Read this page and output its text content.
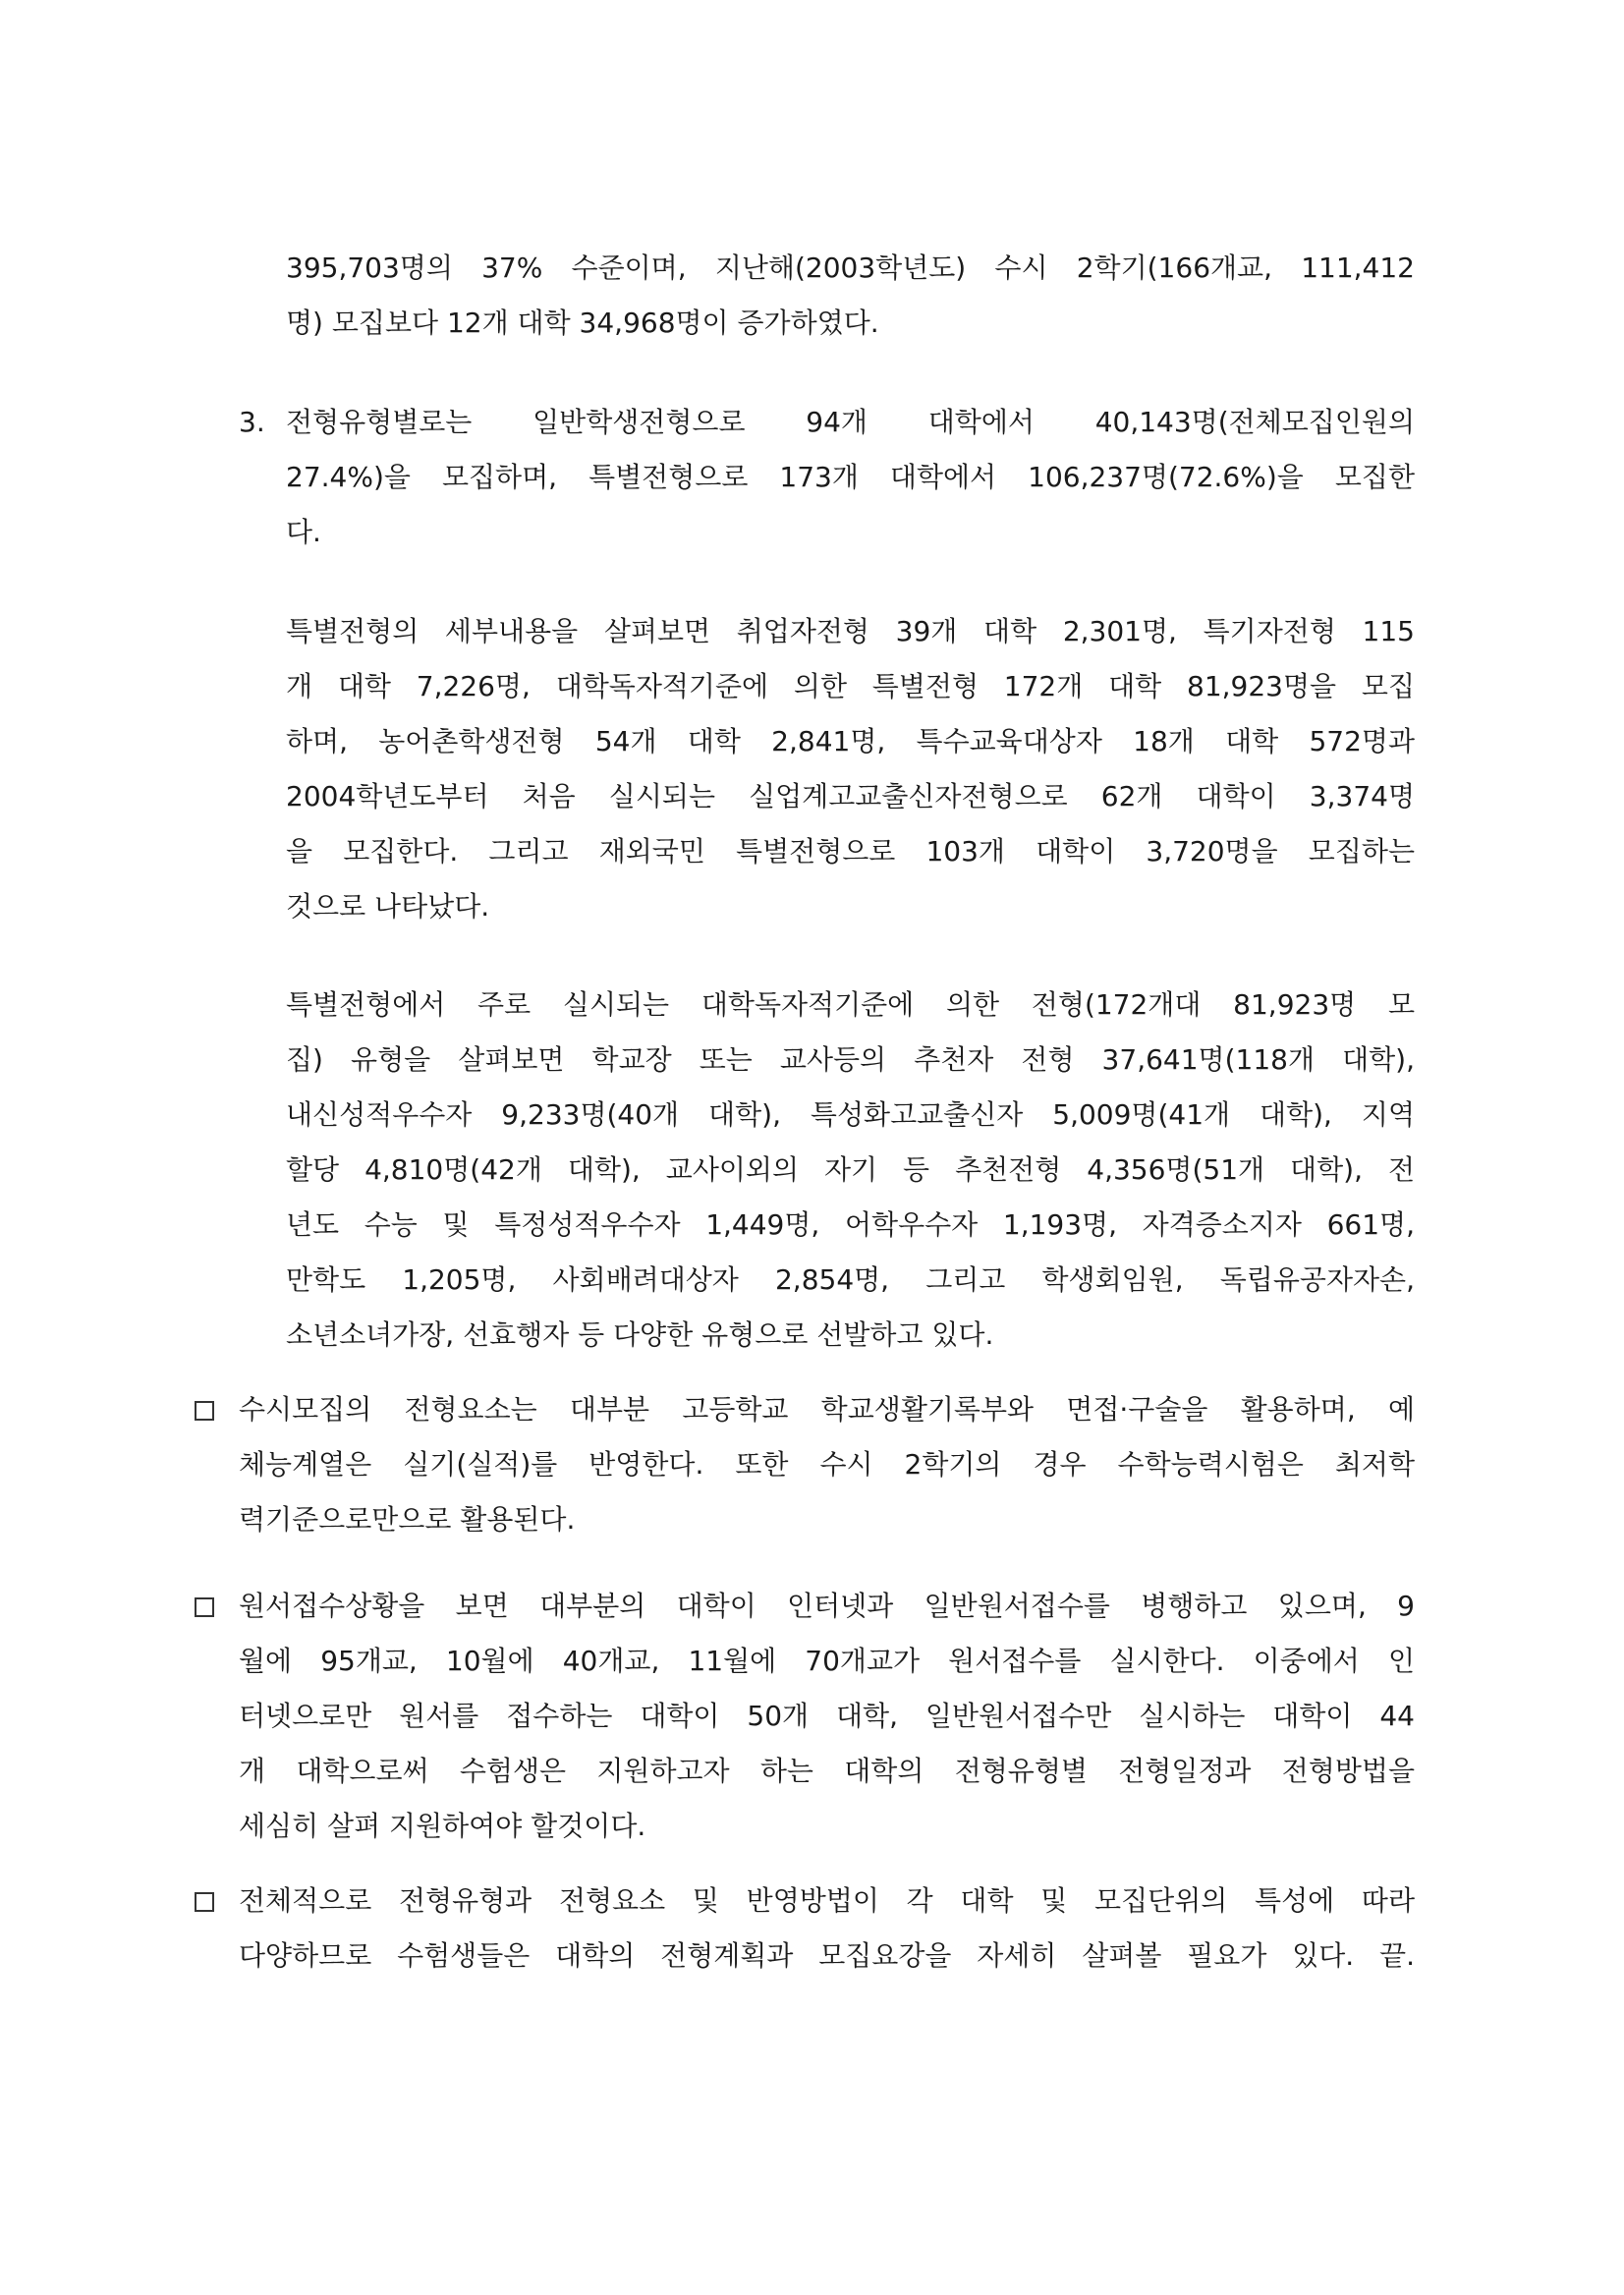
395,703명의 37% 수준이며, 지난해(2003학년도) 수시 2학기(166개교, 111,412
명) 모집보다 12개 대학 34,968명이 증가하였다.
3. 전형유형별로는 일반학생전형으로 94개 대학에서 40,143명(전체모집인원의
27.4%)을 모집하며, 특별전형으로 173개 대학에서 106,237명(72.6%)을 모집한
다.
특별전형의 세부내용을 살펴보면 취업자전형 39개 대학 2,301명, 특기자전형 115
개 대학 7,226명, 대학독자적기준에 의한 특별전형 172개 대학 81,923명을 모집
하며, 농어촌학생전형 54개 대학 2,841명, 특수교육대상자 18개 대학 572명과
2004학년도부터 처음 실시되는 실업계고교출신자전형으로 62개 대학이 3,374명
을 모집한다. 그리고 재외국민 특별전형으로 103개 대학이 3,720명을 모집하는
것으로 나타났다.
특별전형에서 주로 실시되는 대학독자적기준에 의한 전형(172개대 81,923명 모
집) 유형을 살펴보면 학교장 또는 교사등의 추천자 전형 37,641명(118개 대학),
내신성적우수자 9,233명(40개 대학), 특성화고교출신자 5,009명(41개 대학), 지역
할당 4,810명(42개 대학), 교사이외의 자기 등 추천전형 4,356명(51개 대학), 전
년도 수능 및 특정성적우수자 1,449명, 어학우수자 1,193명, 자격증소지자 661명,
만학도 1,205명, 사회배려대상자 2,854명, 그리고 학생회임원, 독립유공자자손,
소년소녀가장, 선효행자 등 다양한 유형으로 선발하고 있다.
수시모집의 전형요소는 대부분 고등학교 학교생활기록부와 면접·구술을 활용하며, 예
체능계열은 실기(실적)를 반영한다. 또한 수시 2학기의 경우 수학능력시험은 최저학
력기준으로만으로 활용된다.
원서접수상황을 보면 대부분의 대학이 인터넷과 일반원서접수를 병행하고 있으며, 9
월에 95개교, 10월에 40개교, 11월에 70개교가 원서접수를 실시한다. 이중에서 인
터넷으로만 원서를 접수하는 대학이 50개 대학, 일반원서접수만 실시하는 대학이 44
개 대학으로써 수험생은 지원하고자 하는 대학의 전형유형별 전형일정과 전형방법을
세심히 살펴 지원하여야 할것이다.
전체적으로 전형유형과 전형요소 및 반영방법이 각 대학 및 모집단위의 특성에 따라
다양하므로 수험생들은 대학의 전형계획과 모집요강을 자세히 살펴볼 필요가 있다. 끝.
